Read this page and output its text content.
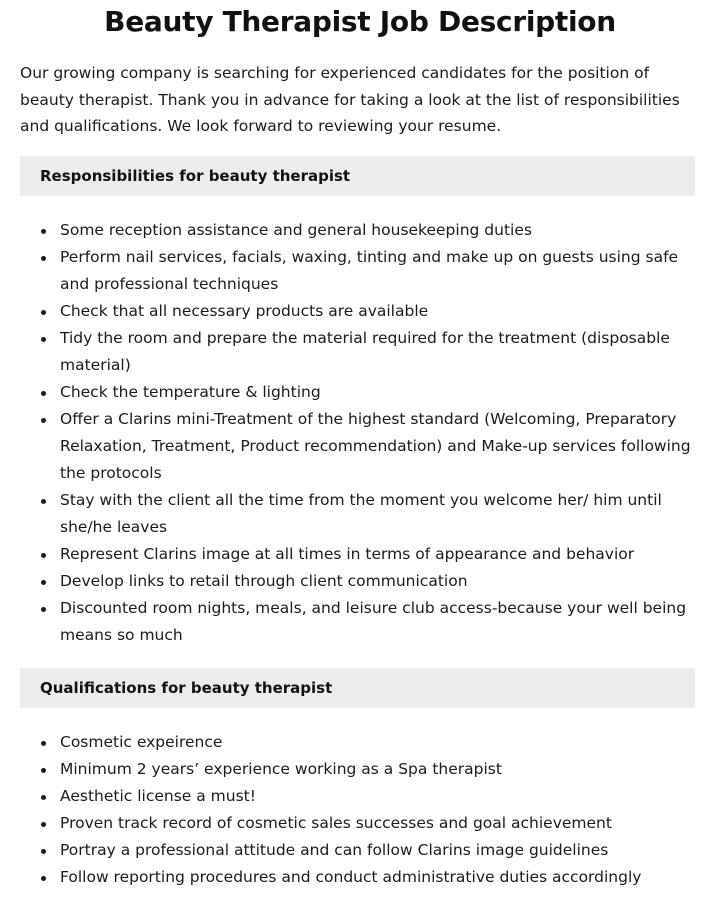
Beauty Therapist Job Description

Our growing company is searching for experienced candidates for the position of beauty therapist. Thank you in advance for taking a look at the list of responsibilities and qualifications. We look forward to reviewing your resume.

Responsibilities for beauty therapist
Some reception assistance and general housekeeping duties
Perform nail services, facials, waxing, tinting and make up on guests using safe and professional techniques
Check that all necessary products are available
Tidy the room and prepare the material required for the treatment (disposable material)
Check the temperature & lighting
Offer a Clarins mini-Treatment of the highest standard (Welcoming, Preparatory Relaxation, Treatment, Product recommendation) and Make-up services following the protocols
Stay with the client all the time from the moment you welcome her/ him until she/he leaves
Represent Clarins image at all times in terms of appearance and behavior
Develop links to retail through client communication
Discounted room nights, meals, and leisure club access-because your well being means so much
Qualifications for beauty therapist
Cosmetic expeirence
Minimum 2 years’ experience working as a Spa therapist
Aesthetic license a must!
Proven track record of cosmetic sales successes and goal achievement
Portray a professional attitude and can follow Clarins image guidelines
Follow reporting procedures and conduct administrative duties accordingly
